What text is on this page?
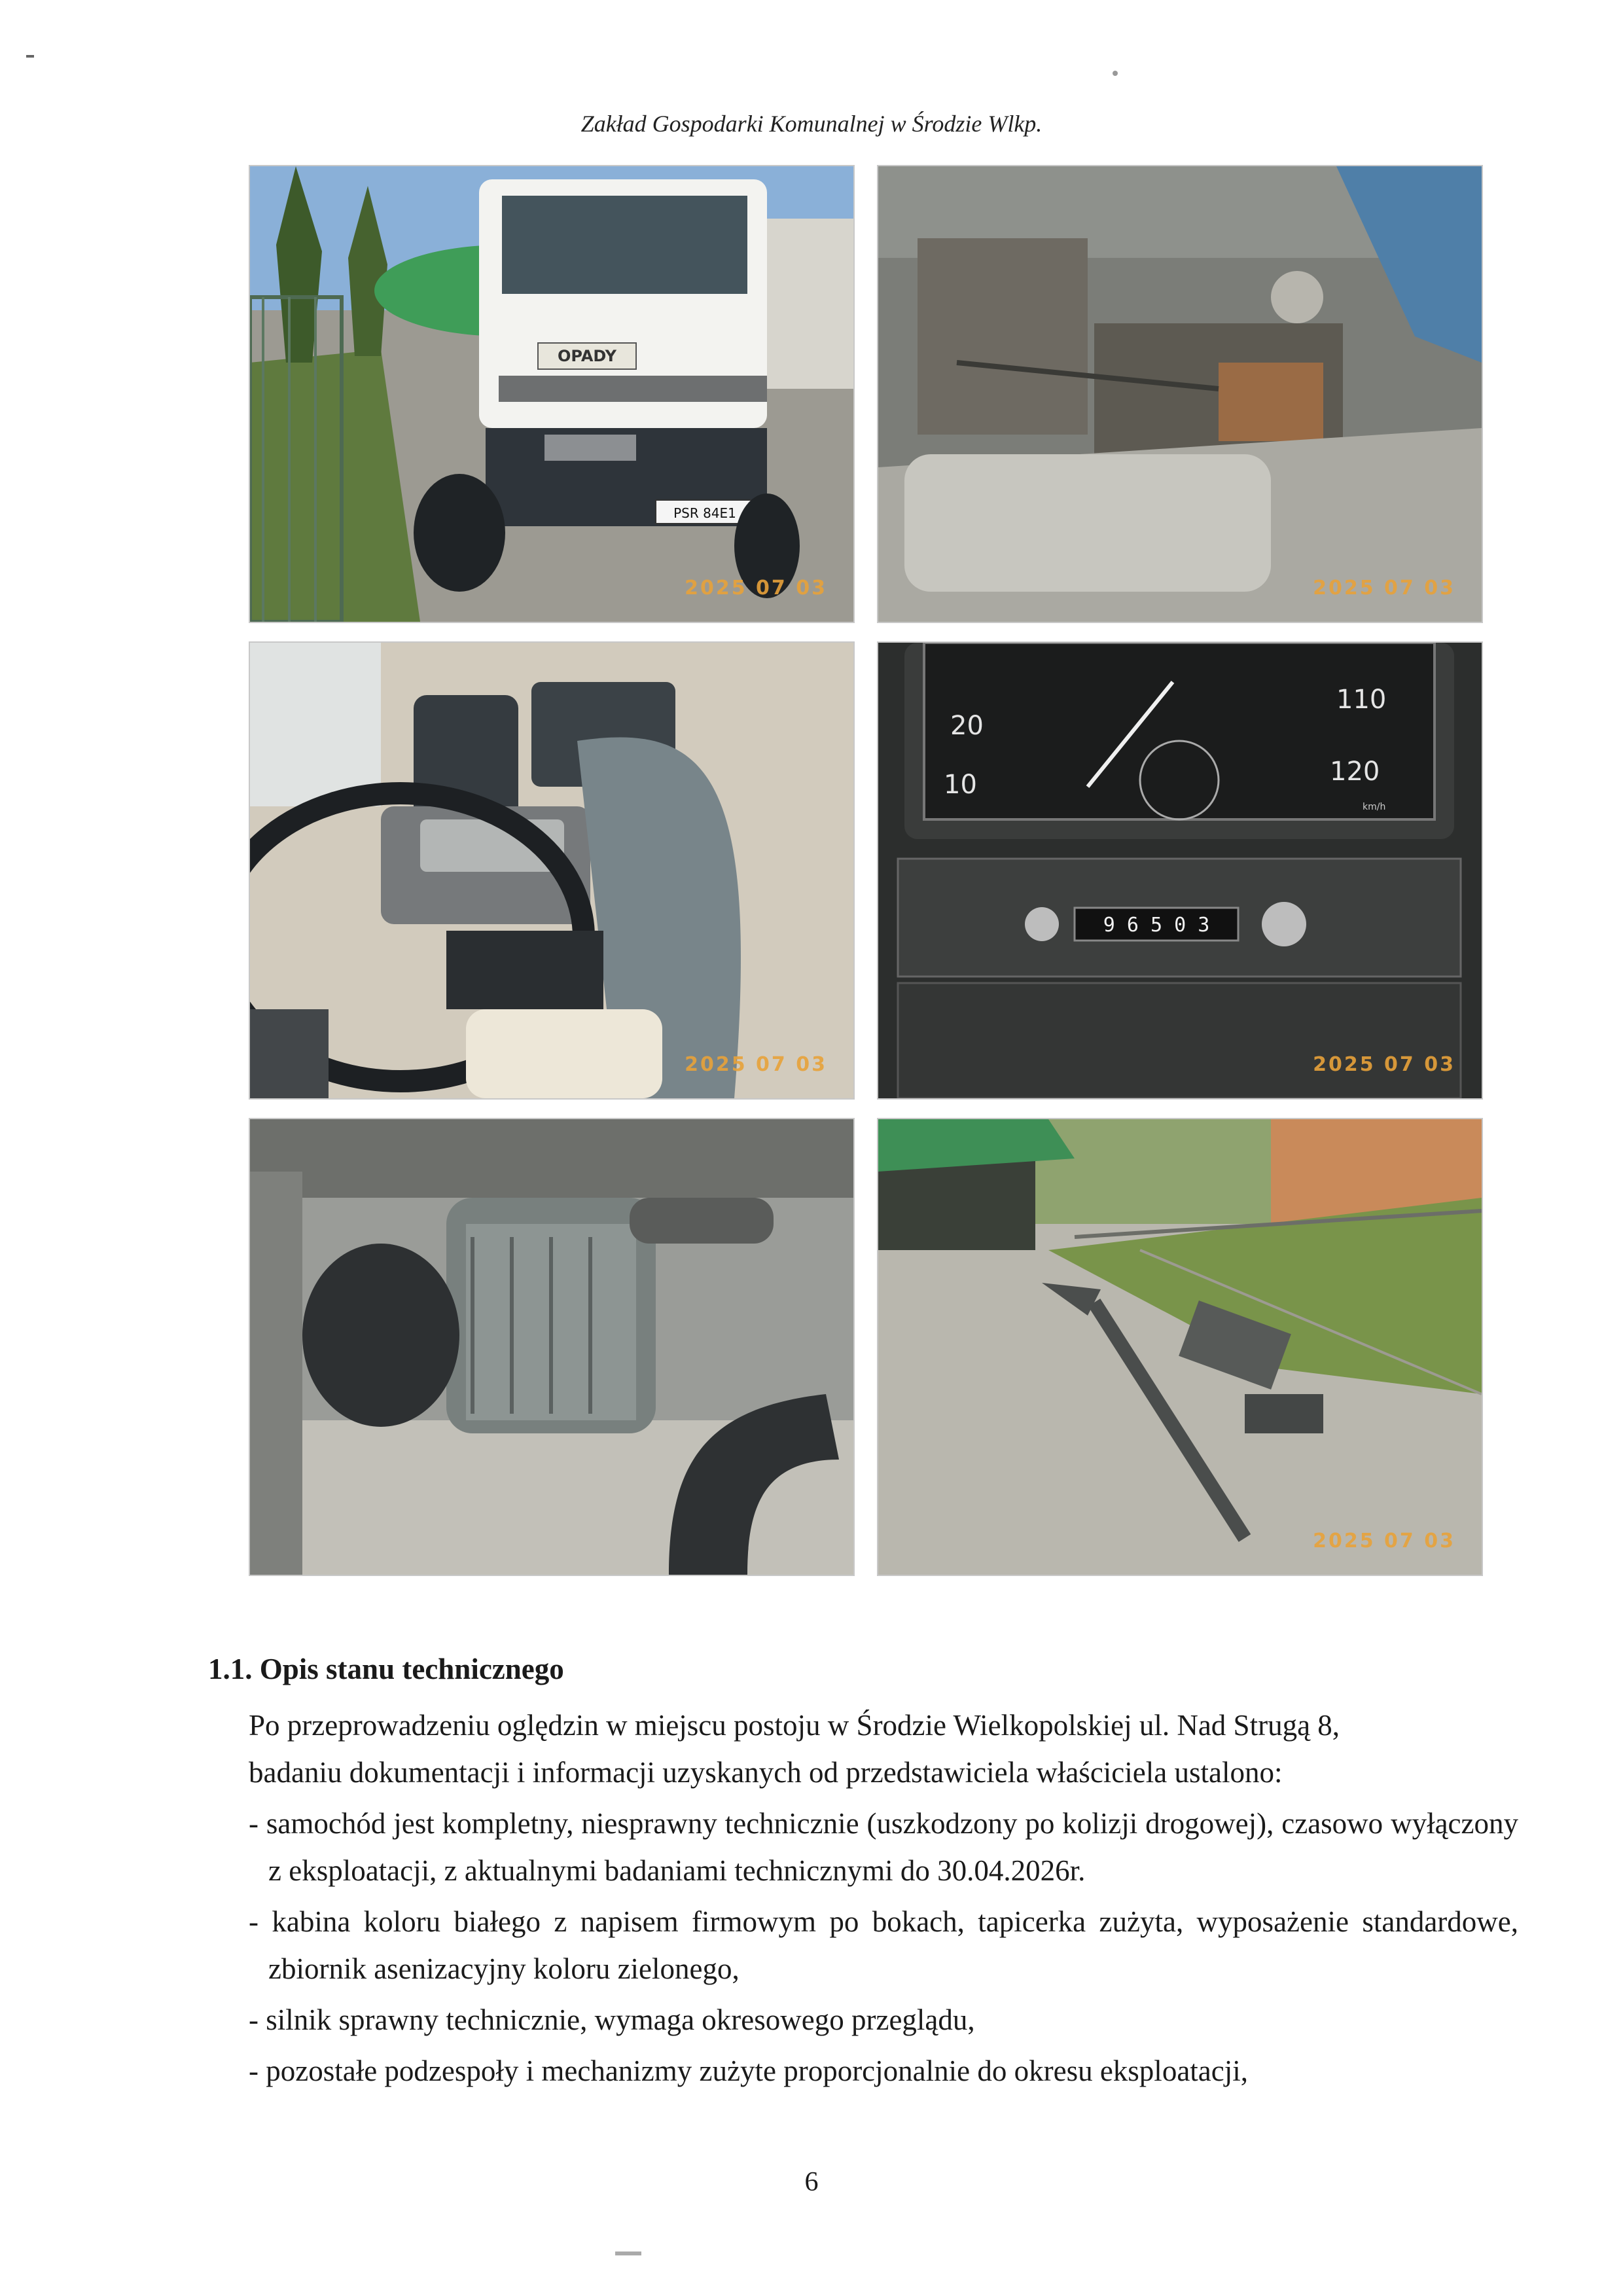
Zakład Gospodarki Komunalnej w Środzie Wlkp.
OPADY
PSR 84E1
2025 07 03	2025 07 03
2025 07 03
20
10
110
120
km/h
9 6 5 0 3
2025 07 03
2025 07 03
1.1. Opis stanu technicznego

Po przeprowadzeniu oględzin w miejscu postoju w Środzie Wielkopolskiej ul. Nad Strugą 8,

badaniu dokumentacji i informacji uzyskanych od przedstawiciela właściciela ustalono:

- samochód jest kompletny, niesprawny technicznie (uszkodzony po kolizji drogowej), czasowo wyłączony z eksploatacji, z aktualnymi badaniami technicznymi do 30.04.2026r.

- kabina koloru białego z napisem firmowym po bokach, tapicerka zużyta, wyposażenie standardowe, zbiornik asenizacyjny koloru zielonego,

- silnik sprawny technicznie, wymaga okresowego przeglądu,

- pozostałe podzespoły i mechanizmy zużyte proporcjonalnie do okresu eksploatacji,

6
